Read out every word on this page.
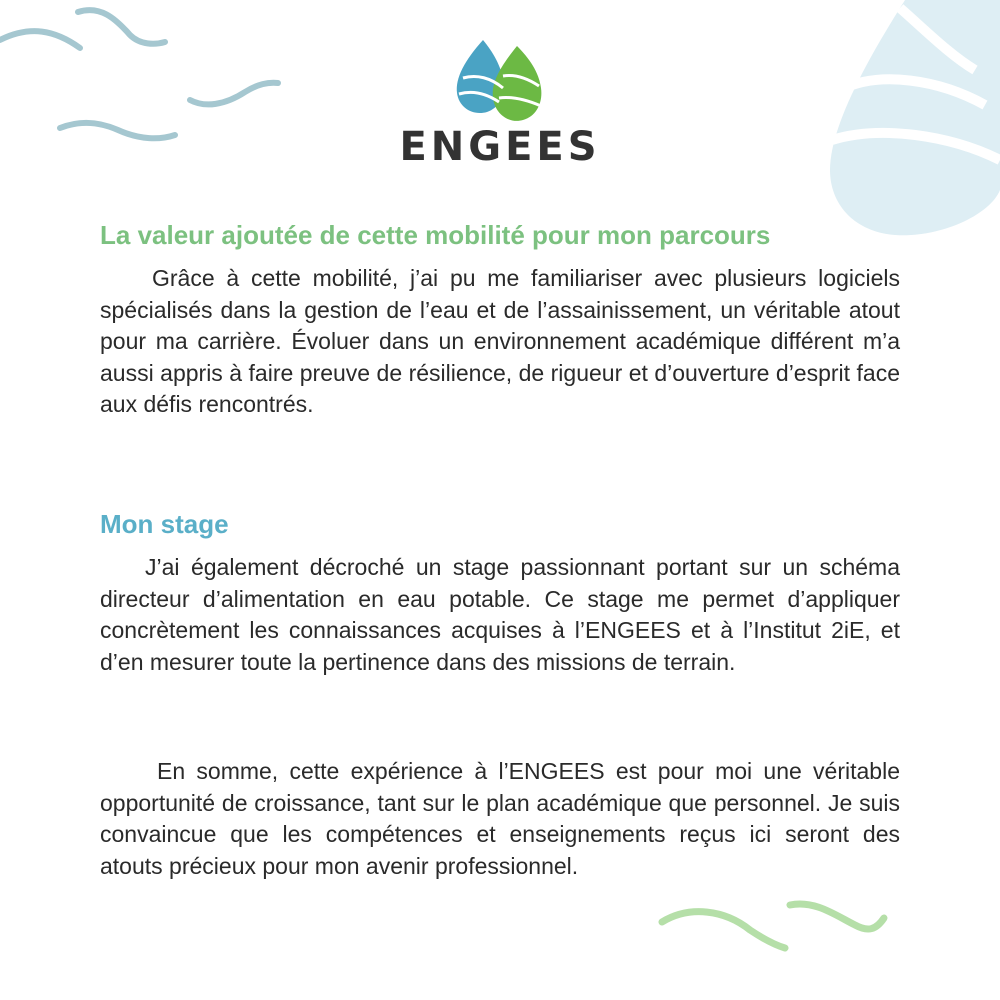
ENGEES
La valeur ajoutée de cette mobilité pour mon parcours

Grâce à cette mobilité, j’ai pu me familiariser avec plusieurs logiciels spécialisés dans la gestion de l’eau et de l’assainissement, un véritable atout pour ma carrière. Évoluer dans un environnement académique différent m’a aussi appris à faire preuve de résilience, de rigueur et d’ouverture d’esprit face aux défis rencontrés.

Mon stage

J’ai également décroché un stage passionnant portant sur un schéma directeur d’alimentation en eau potable. Ce stage me permet d’appliquer concrètement les connaissances acquises à l’ENGEES et à l’Institut 2iE, et d’en mesurer toute la pertinence dans des missions de terrain.

En somme, cette expérience à l’ENGEES est pour moi une véritable opportunité de croissance, tant sur le plan académique que personnel. Je suis convaincue que les compétences et enseignements reçus ici seront des atouts précieux pour mon avenir professionnel.
